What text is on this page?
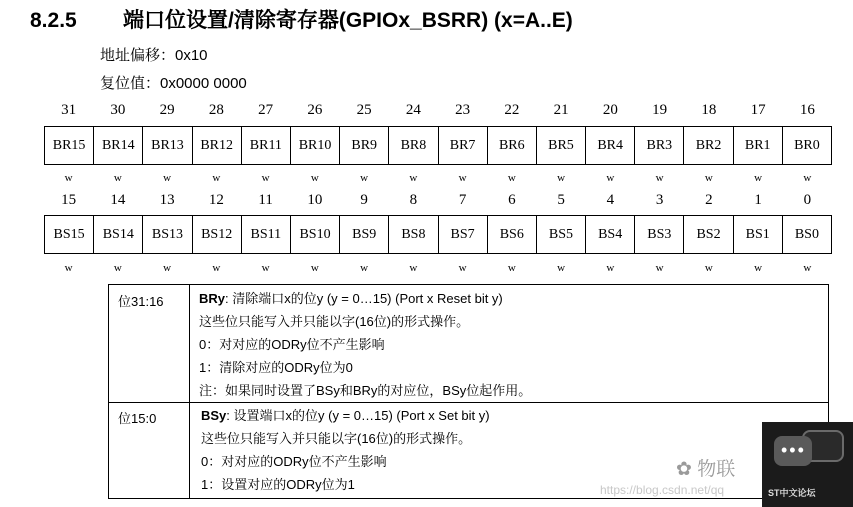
8.2.5 端口位设置/清除寄存器(GPIOx_BSRR) (x=A..E)
地址偏移：0x10
复位值：0x0000 0000
31	30	29	28	27	26	25	24	23	22	21	20	19	18	17	16
BR15	BR14	BR13	BR12	BR11	BR10	BR9	BR8	BR7	BR6	BR5	BR4	BR3	BR2	BR1	BR0
w	w	w	w	w	w	w	w	w	w	w	w	w	w	w	w
15	14	13	12	11	10	9	8	7	6	5	4	3	2	1	0
BS15	BS14	BS13	BS12	BS11	BS10	BS9	BS8	BS7	BS6	BS5	BS4	BS3	BS2	BS1	BS0
w	w	w	w	w	w	w	w	w	w	w	w	w	w	w	w
位31:16	BRy: 清除端口x的位y (y = 0…15) (Port x Reset bit y)
这些位只能写入并只能以字(16位)的形式操作。
0：对对应的ODRy位不产生影响
1：清除对应的ODRy位为0
注：如果同时设置了BSy和BRy的对应位，BSy位起作用。
位15:0	BSy: 设置端口x的位y (y = 0…15) (Port x Set bit y)
这些位只能写入并只能以字(16位)的形式操作。
0：对对应的ODRy位不产生影响
1：设置对应的ODRy位为1
✿ 物联
https://blog.csdn.net/qq
•••
ST中文论坛
